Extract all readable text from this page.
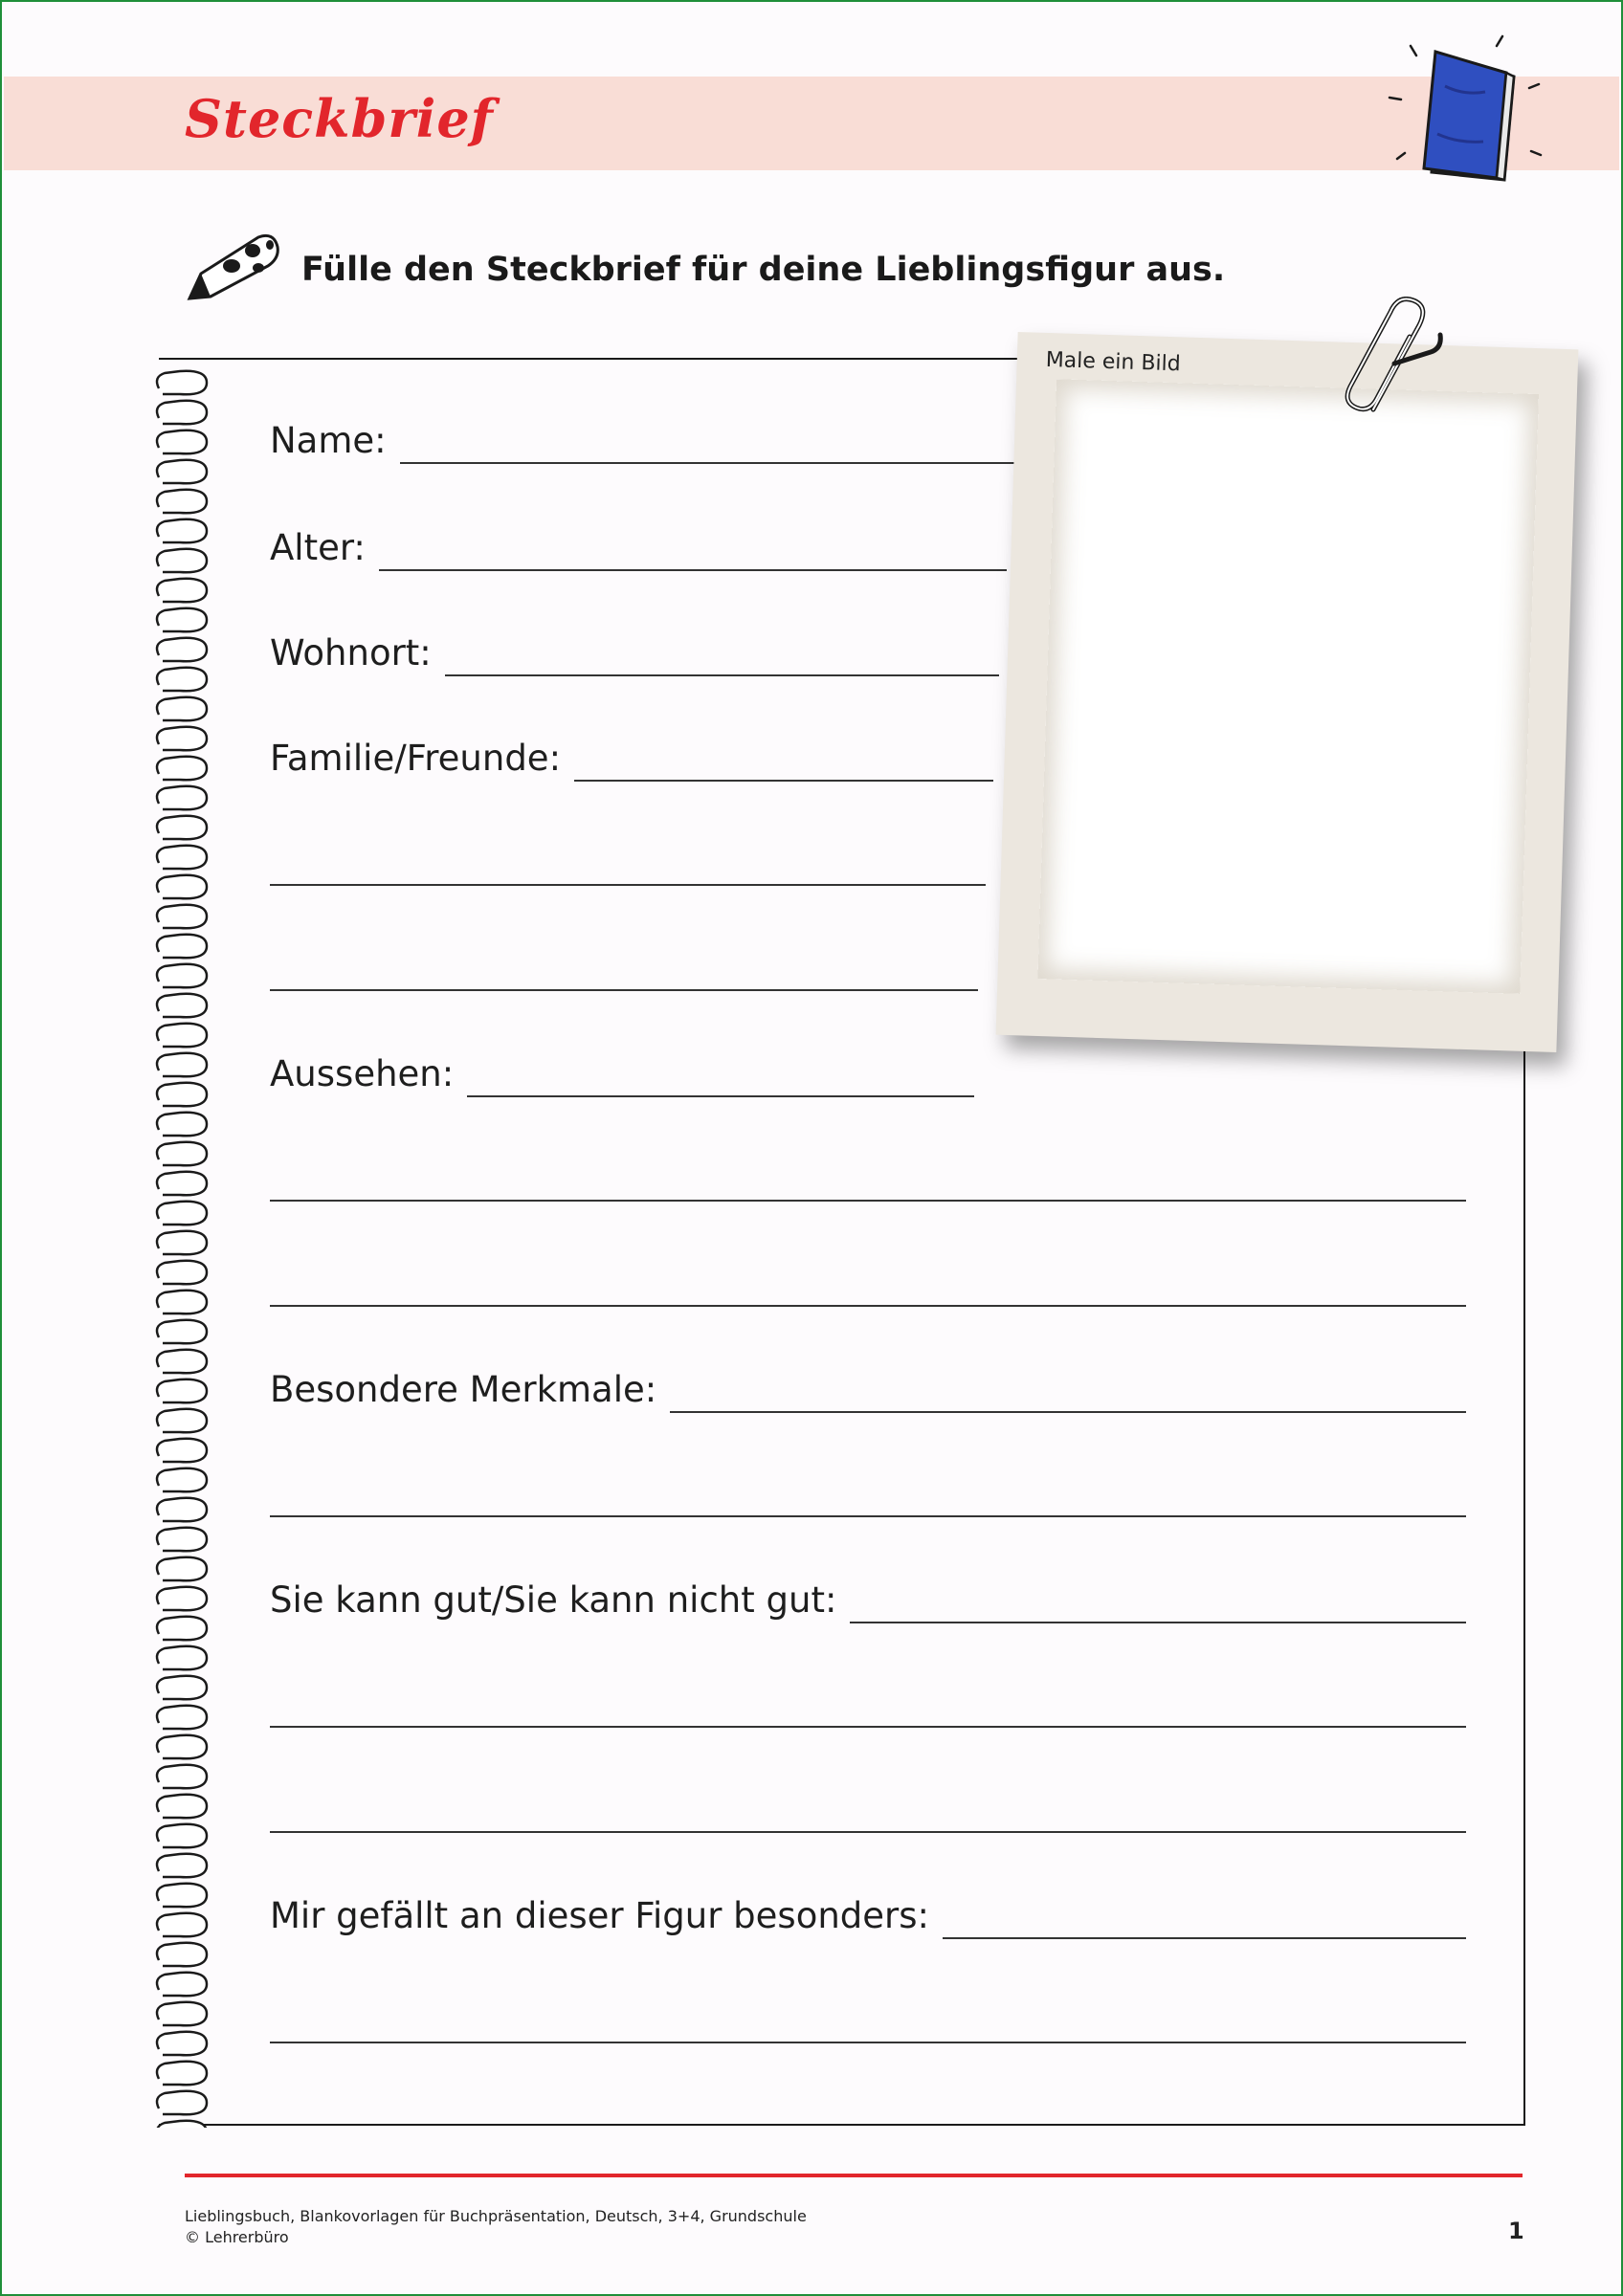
Steckbrief
Fülle den Steckbrief für deine Lieblingsfigur aus.
Name:
Alter:
Wohnort:
Familie/Freunde:
Aussehen:
Besondere Merkmale:
Sie kann gut/Sie kann nicht gut:
Mir gefällt an dieser Figur besonders:
Male ein Bild
Lieblingsbuch, Blankovorlagen für Buchpräsentation, Deutsch, 3+4, Grundschule
© Lehrerbüro	1
